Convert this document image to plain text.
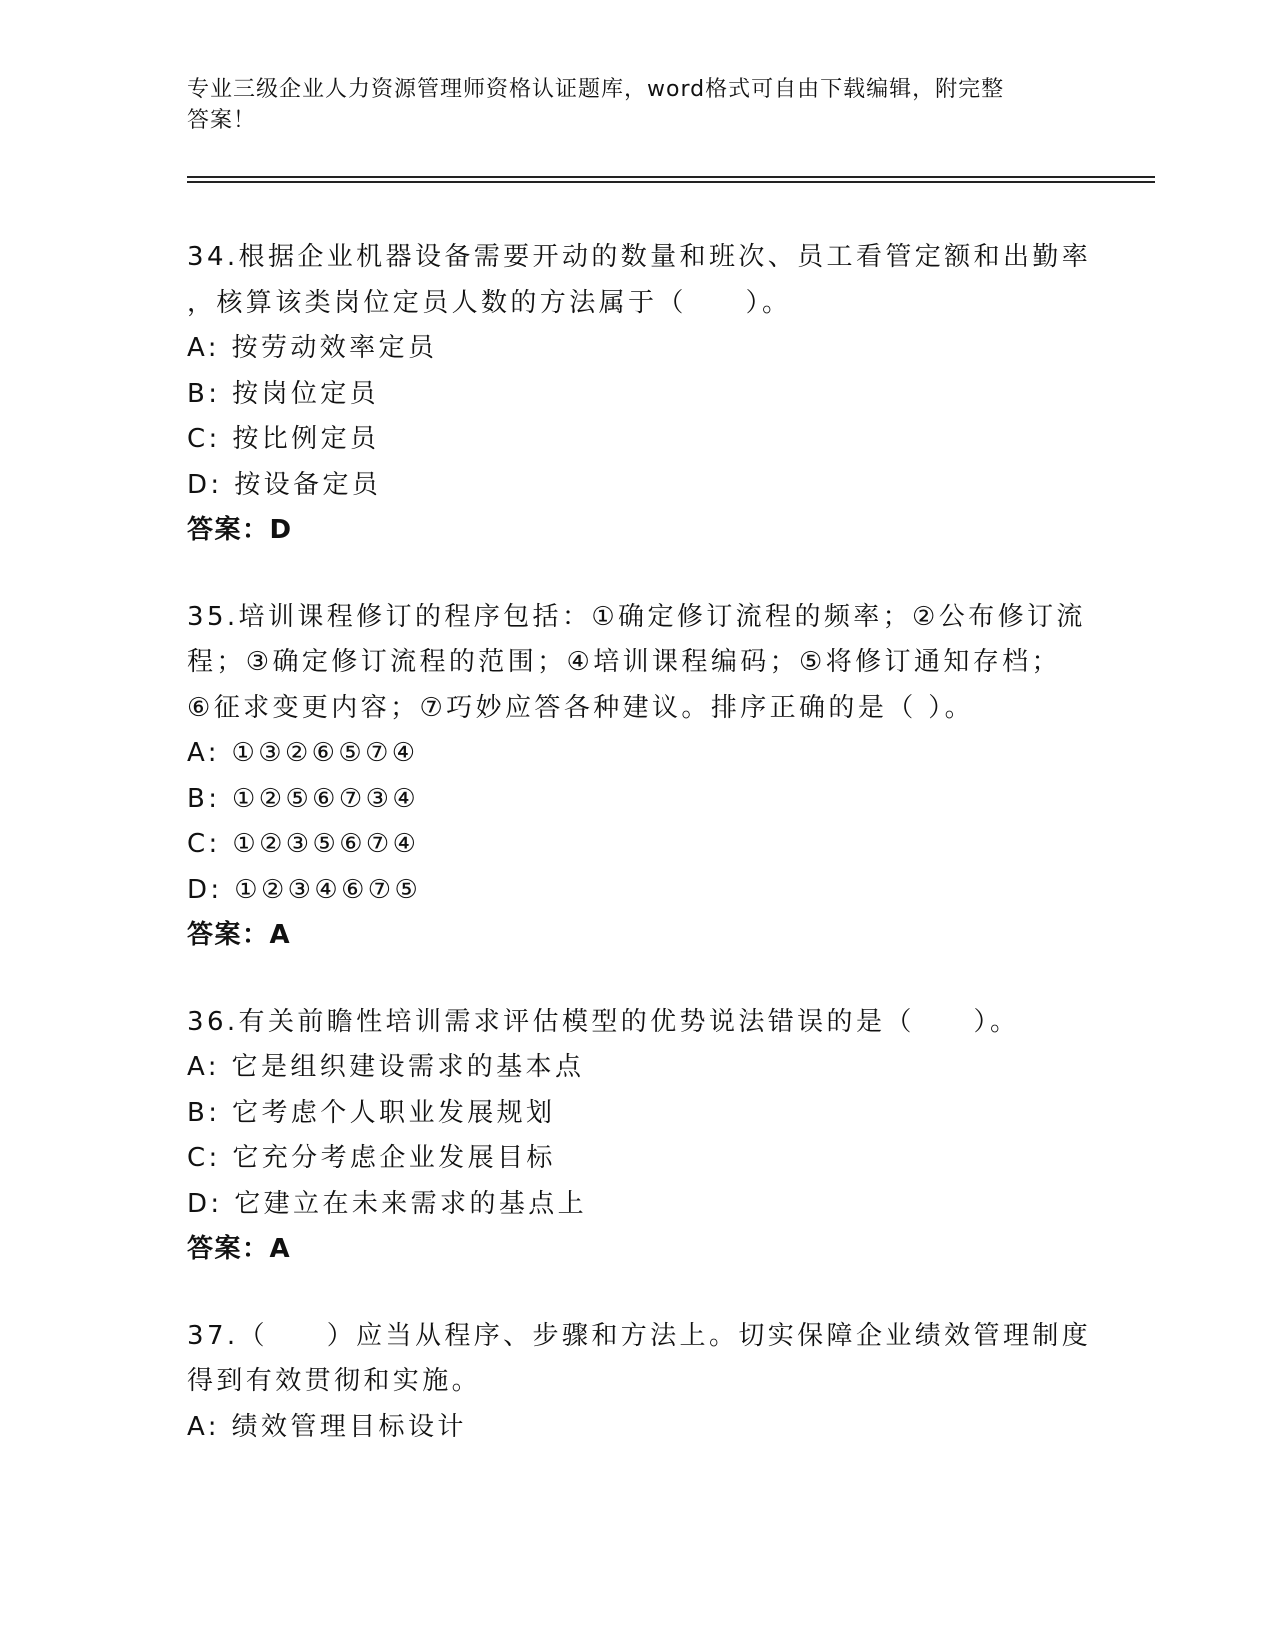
专业三级企业人力资源管理师资格认证题库，word格式可自由下载编辑，附完整
答案！
34.根据企业机器设备需要开动的数量和班次、员工看管定额和出勤率
，核算该类岗位定员人数的方法属于（　　）。
A: 按劳动效率定员
B: 按岗位定员
C: 按比例定员
D: 按设备定员
答案：D
35.培训课程修订的程序包括：①确定修订流程的频率；②公布修订流
程；③确定修订流程的范围；④培训课程编码；⑤将修订通知存档；
⑥征求变更内容；⑦巧妙应答各种建议。排序正确的是（ ）。
A: ①③②⑥⑤⑦④
B: ①②⑤⑥⑦③④
C: ①②③⑤⑥⑦④
D: ①②③④⑥⑦⑤
答案：A
36.有关前瞻性培训需求评估模型的优势说法错误的是（　　）。
A: 它是组织建设需求的基本点
B: 它考虑个人职业发展规划
C: 它充分考虑企业发展目标
D: 它建立在未来需求的基点上
答案：A
37.（　　）应当从程序、步骤和方法上。切实保障企业绩效管理制度
得到有效贯彻和实施。
A: 绩效管理目标设计
